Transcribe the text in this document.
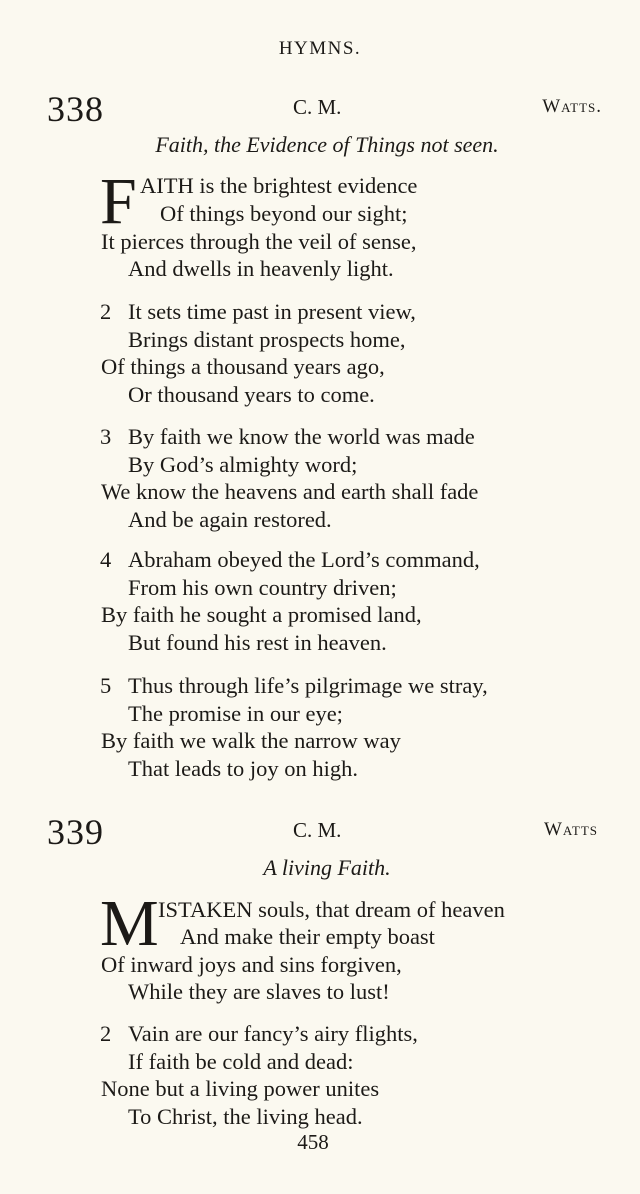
HYMNS.
338	C. M.	Watts.
Faith, the Evidence of Things not seen.
F AITH is the brightest evidence
Of things beyond our sight;
It pierces through the veil of sense,
And dwells in heavenly light.
2 It sets time past in present view,
Brings distant prospects home,
Of things a thousand years ago,
Or thousand years to come.
3 By faith we know the world was made
By God’s almighty word;
We know the heavens and earth shall fade
And be again restored.
4 Abraham obeyed the Lord’s command,
From his own country driven;
By faith he sought a promised land,
But found his rest in heaven.
5 Thus through life’s pilgrimage we stray,
The promise in our eye;
By faith we walk the narrow way
That leads to joy on high.
339	C. M.	Watts
A living Faith.
M ISTAKEN souls, that dream of heaven
And make their empty boast
Of inward joys and sins forgiven,
While they are slaves to lust!
2 Vain are our fancy’s airy flights,
If faith be cold and dead:
None but a living power unites
To Christ, the living head.
458
